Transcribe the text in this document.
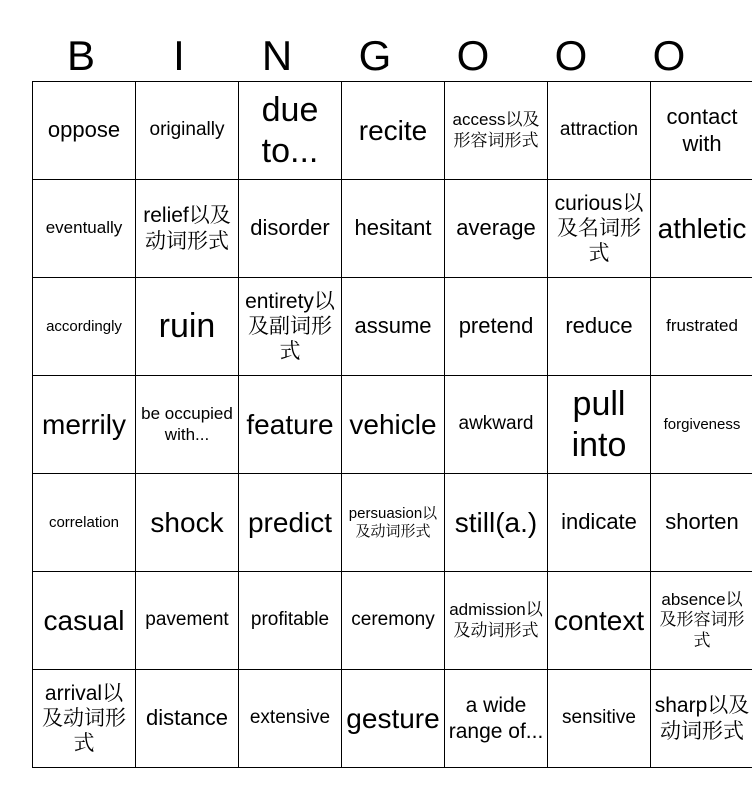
B	I	N	G	O	O	O
oppose	originally	due to...	recite	access以及形容词形式	attraction	contact with
eventually	relief以及动词形式	disorder	hesitant	average	curious以及名词形式	athletic
accordingly	ruin	entirety以及副词形式	assume	pretend	reduce	frustrated
merrily	be occupied with...	feature	vehicle	awkward	pull into	forgiveness
correlation	shock	predict	persuasion以及动词形式	still(a.)	indicate	shorten
casual	pavement	profitable	ceremony	admission以及动词形式	context	absence以及形容词形式
arrival以及动词形式	distance	extensive	gesture	a wide range of...	sensitive	sharp以及动词形式
